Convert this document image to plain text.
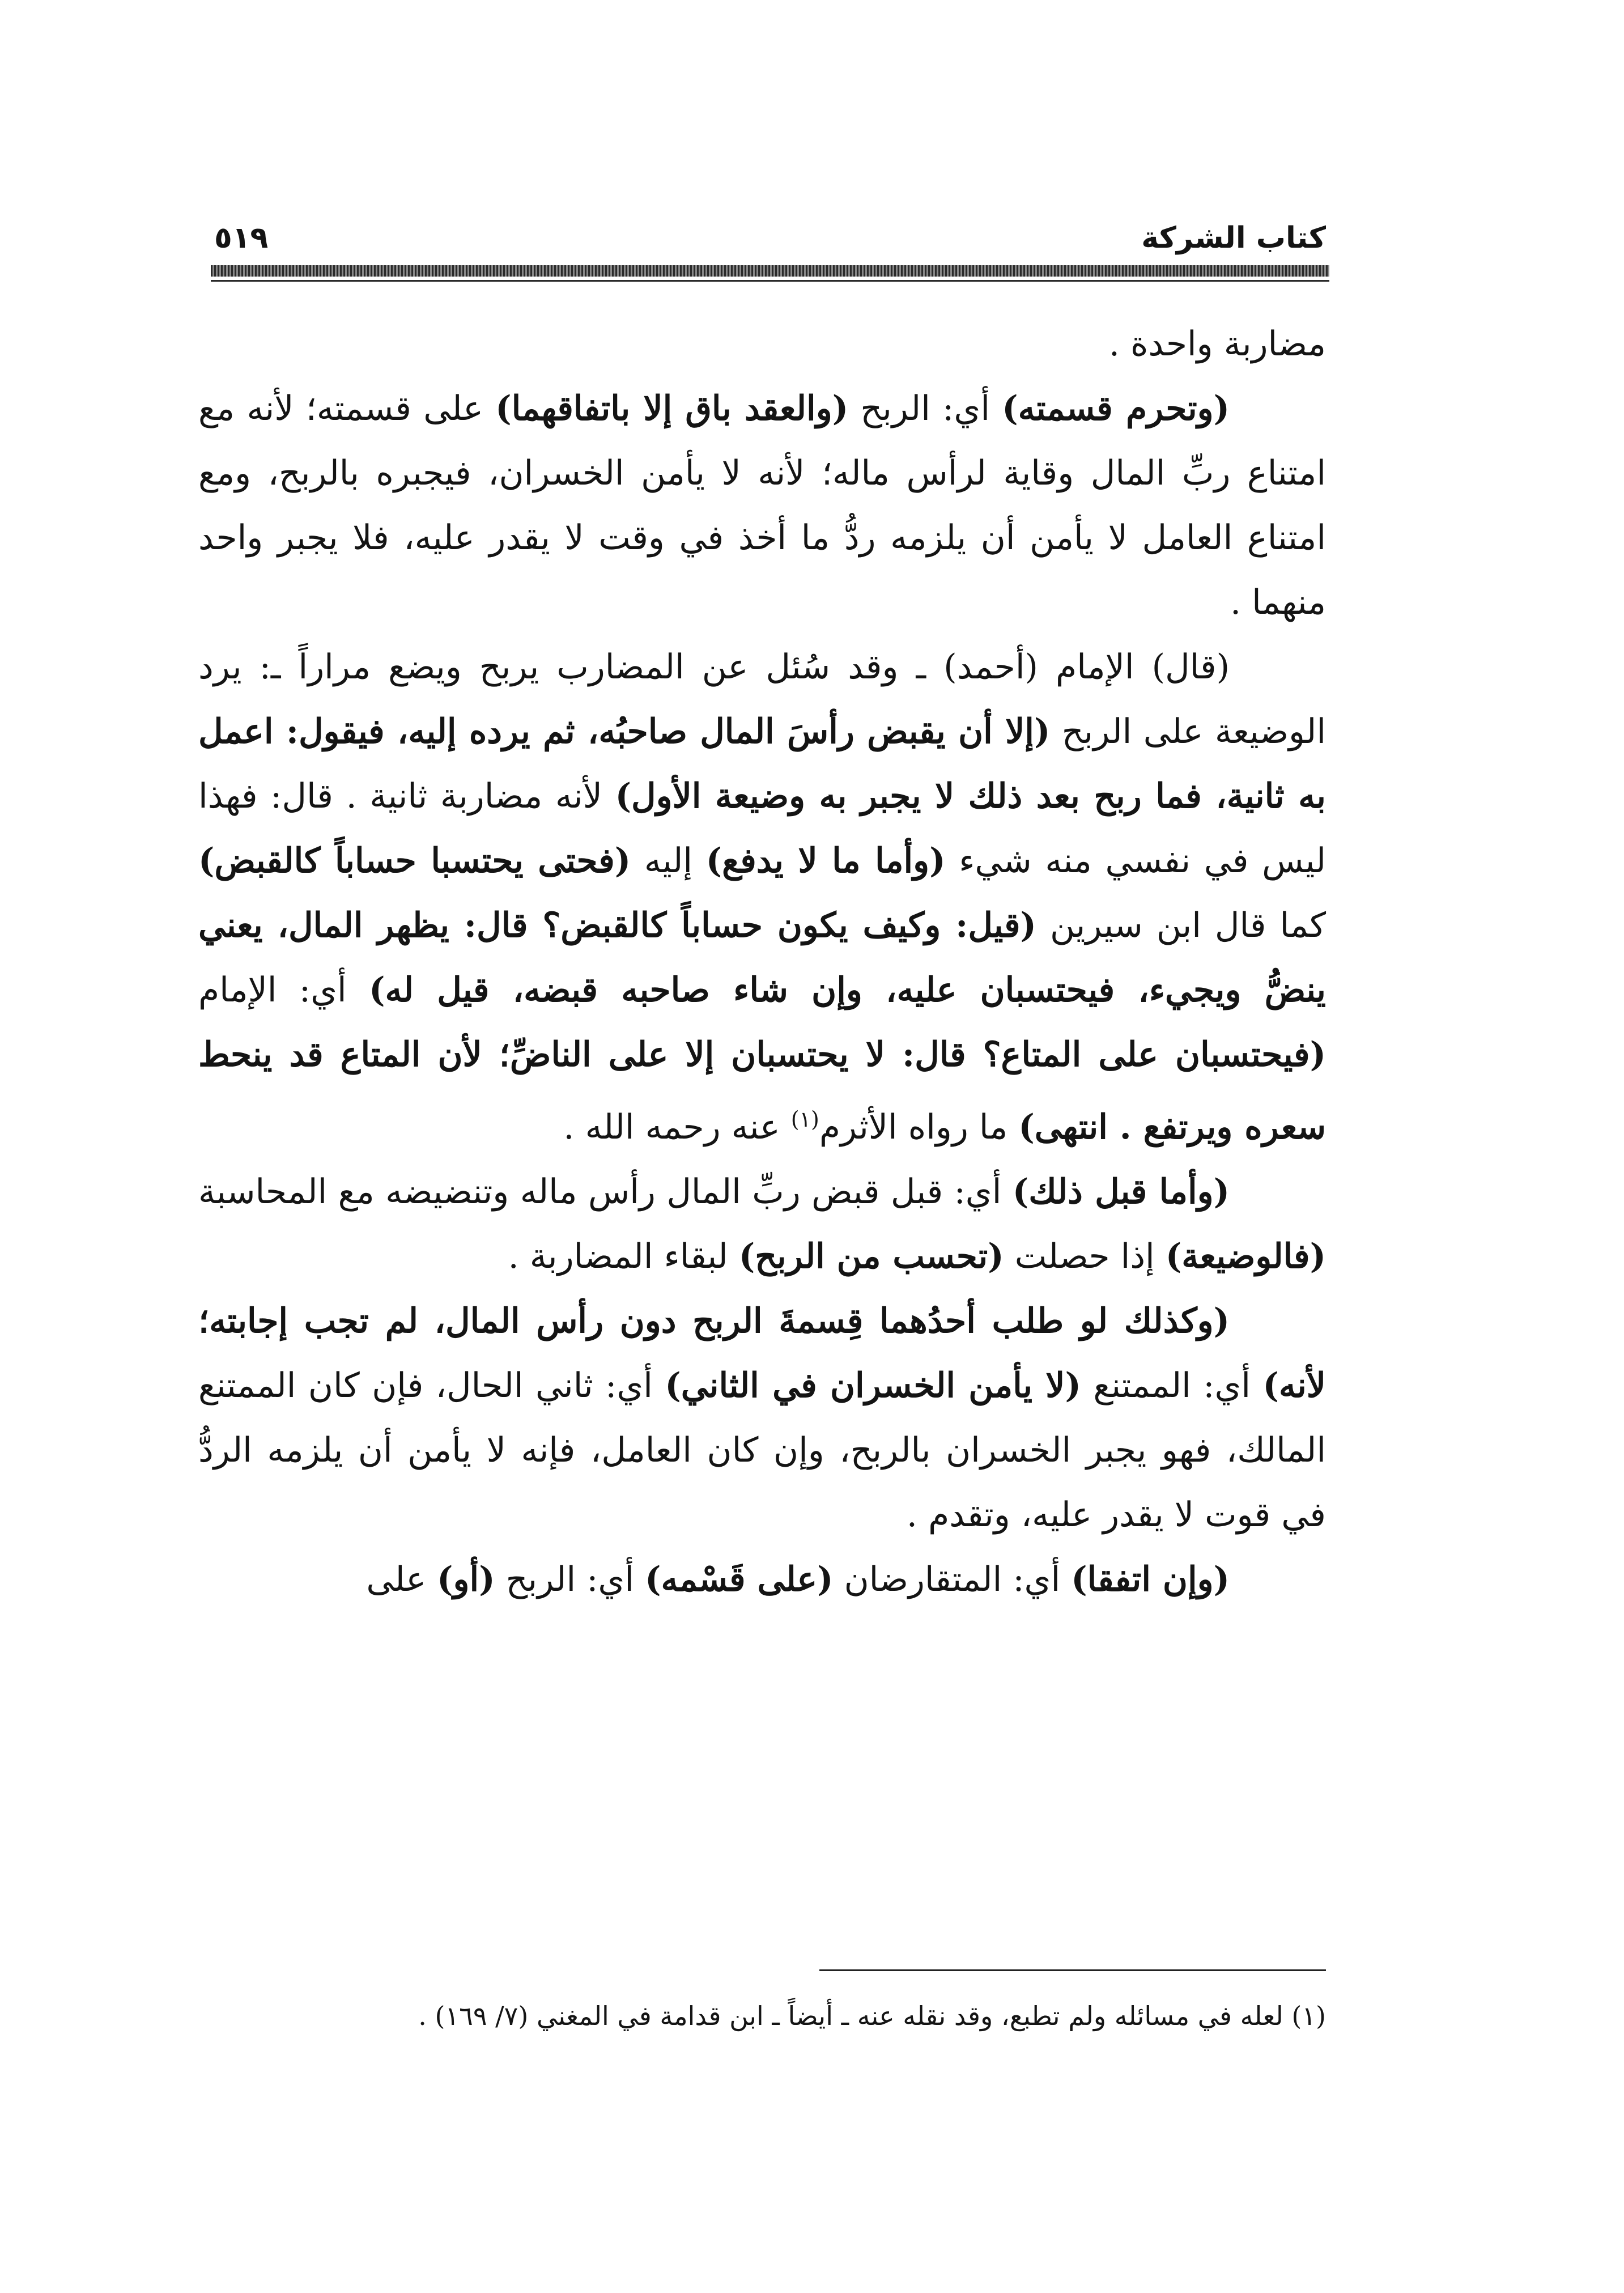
٥١٩	كتاب الشركة

مضاربة واحدة .

(وتحرم قسمته) أي: الربح (والعقد باق إلا باتفاقهما) على قسمته؛ لأنه مع امتناع ربِّ المال وقاية لرأس ماله؛ لأنه لا يأمن الخسران، فيجبره بالربح، ومع امتناع العامل لا يأمن أن يلزمه ردُّ ما أخذ في وقت لا يقدر عليه، فلا يجبر واحد منهما .

(قال) الإمام (أحمد) ـ وقد سُئل عن المضارب يربح ويضع مراراً ـ: يرد الوضيعة على الربح (إلا أن يقبض رأسَ المال صاحبُه، ثم يرده إليه، فيقول: اعمل به ثانية، فما ربح بعد ذلك لا يجبر به وضيعة الأول) لأنه مضاربة ثانية . قال: فهذا ليس في نفسي منه شيء (وأما ما لا يدفع) إليه (فحتى يحتسبا حساباً كالقبض) كما قال ابن سيرين (قيل: وكيف يكون حساباً كالقبض؟ قال: يظهر المال، يعني ينضُّ ويجيء، فيحتسبان عليه، وإن شاء صاحبه قبضه، قيل له) أي: الإمام (فيحتسبان على المتاع؟ قال: لا يحتسبان إلا على الناضِّ؛ لأن المتاع قد ينحط سعره ويرتفع . انتهى) ما رواه الأثرم$^{(١)}$ عنه رحمه الله .

(وأما قبل ذلك) أي: قبل قبض ربِّ المال رأس ماله وتنضيضه مع المحاسبة (فالوضيعة) إذا حصلت (تحسب من الربح) لبقاء المضاربة .

(وكذلك لو طلب أحدُهما قِسمةَ الربح دون رأس المال، لم تجب إجابته؛ لأنه) أي: الممتنع (لا يأمن الخسران في الثاني) أي: ثاني الحال، فإن كان الممتنع المالك، فهو يجبر الخسران بالربح، وإن كان العامل، فإنه لا يأمن أن يلزمه الردُّ في قوت لا يقدر عليه، وتقدم .

(وإن اتفقا) أي: المتقارضان (على قَسْمه) أي: الربح (أو) على

(١) لعله في مسائله ولم تطبع، وقد نقله عنه ـ أيضاً ـ ابن قدامة في المغني (٧/ ١٦٩) .
